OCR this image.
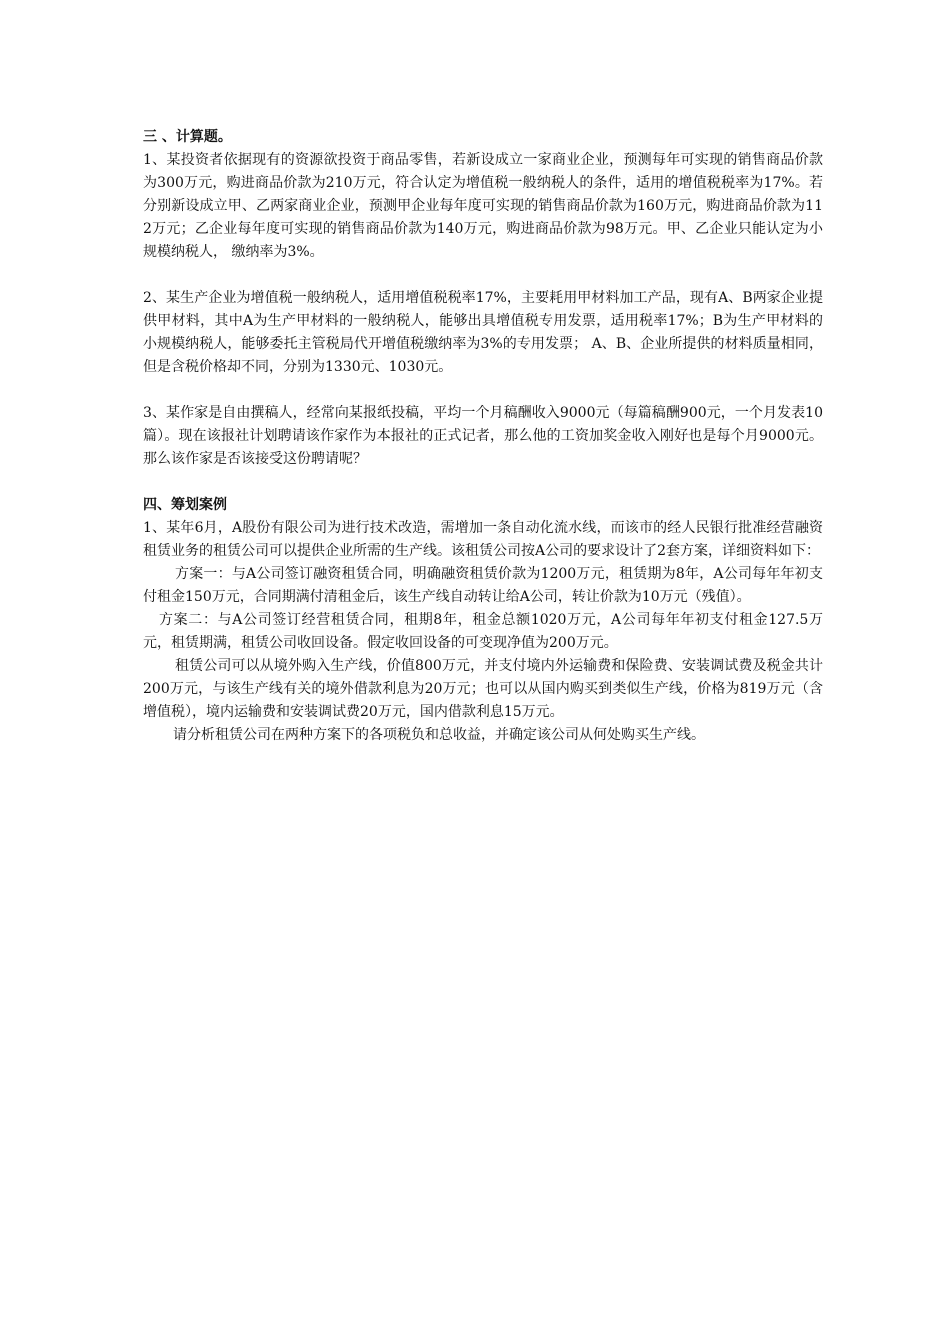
三 、计算题。

1、某投资者依据现有的资源欲投资于商品零售，若新设成立一家商业企业，预测每年可实现的销售商品价款为300万元，购进商品价款为210万元，符合认定为增值税一般纳税人的条件，适用的增值税税率为17%。若分别新设成立甲、乙两家商业企业，预测甲企业每年度可实现的销售商品价款为160万元，购进商品价款为112万元；乙企业每年度可实现的销售商品价款为140万元，购进商品价款为98万元。甲、乙企业只能认定为小规模纳税人， 缴纳率为3%。

2、某生产企业为增值税一般纳税人，适用增值税税率17%，主要耗用甲材料加工产品，现有A、B两家企业提供甲材料，其中A为生产甲材料的一般纳税人，能够出具增值税专用发票，适用税率17%；B为生产甲材料的小规模纳税人，能够委托主管税局代开增值税缴纳率为3%的专用发票； A、B、企业所提供的材料质量相同，但是含税价格却不同，分别为1330元、1030元。

3、某作家是自由撰稿人，经常向某报纸投稿，平均一个月稿酬收入9000元（每篇稿酬900元，一个月发表10篇）。现在该报社计划聘请该作家作为本报社的正式记者，那么他的工资加奖金收入刚好也是每个月9000元。那么该作家是否该接受这份聘请呢？

四、筹划案例

1、某年6月，A股份有限公司为进行技术改造，需增加一条自动化流水线，而该市的经人民银行批准经营融资租赁业务的租赁公司可以提供企业所需的生产线。该租赁公司按A公司的要求设计了2套方案，详细资料如下：

方案一：与A公司签订融资租赁合同，明确融资租赁价款为1200万元，租赁期为8年，A公司每年年初支付租金150万元，合同期满付清租金后，该生产线自动转让给A公司，转让价款为10万元（残值）。

方案二：与A公司签订经营租赁合同，租期8年，租金总额1020万元，A公司每年年初支付租金127.5万元，租赁期满，租赁公司收回设备。假定收回设备的可变现净值为200万元。

租赁公司可以从境外购入生产线，价值800万元，并支付境内外运输费和保险费、安装调试费及税金共计200万元，与该生产线有关的境外借款利息为20万元；也可以从国内购买到类似生产线，价格为819万元（含增值税），境内运输费和安装调试费20万元，国内借款利息15万元。

请分析租赁公司在两种方案下的各项税负和总收益，并确定该公司从何处购买生产线。
